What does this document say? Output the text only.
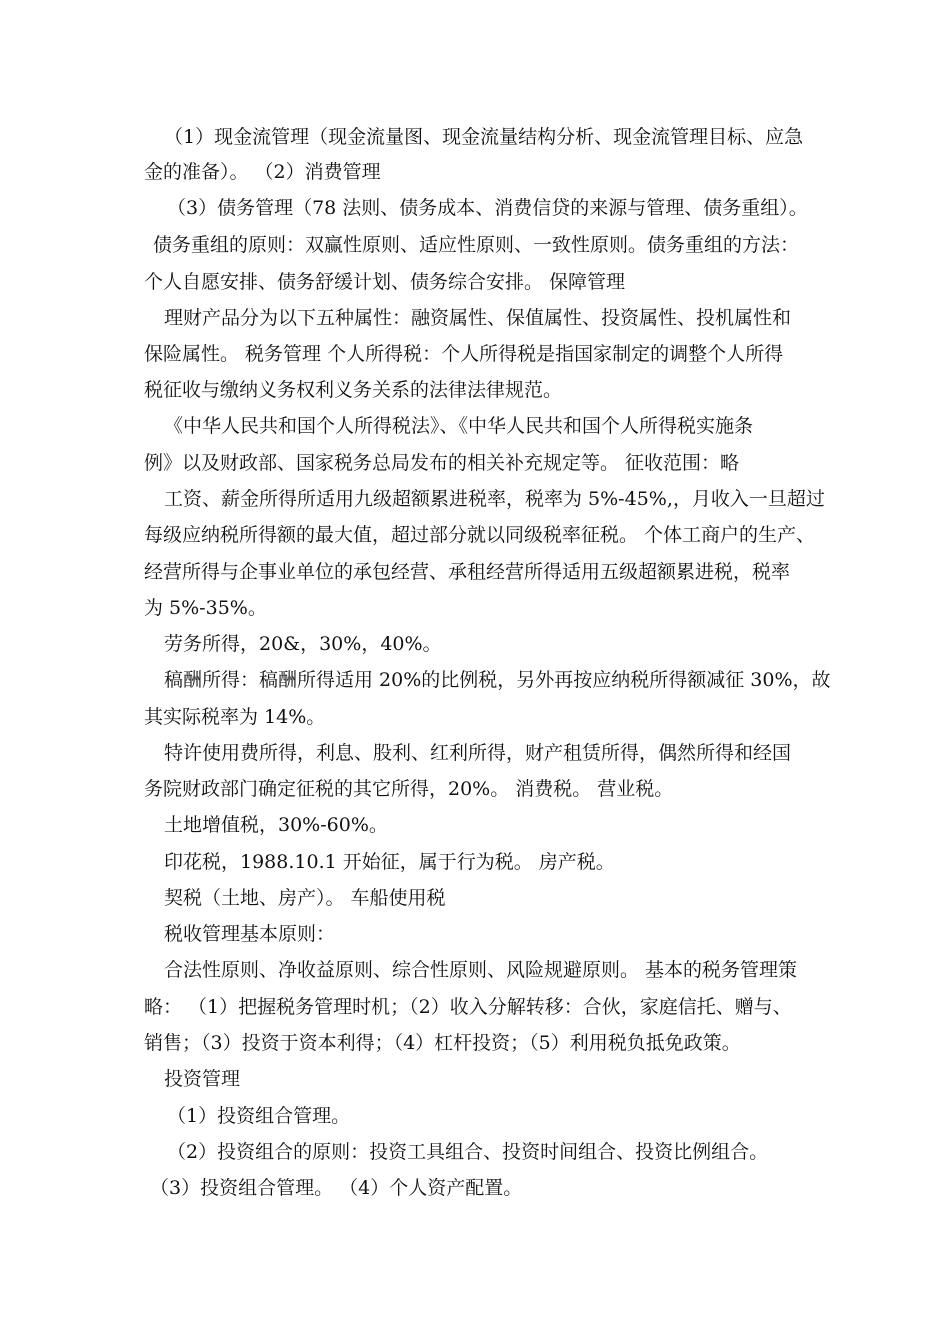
（1）现金流管理（现金流量图、现金流量结构分析、现金流管理目标、应急
金的准备）。 （2）消费管理
（3）债务管理（78 法则、债务成本、消费信贷的来源与管理、债务重组）。
债务重组的原则：双赢性原则、适应性原则、一致性原则。债务重组的方法：
个人自愿安排、债务舒缓计划、债务综合安排。 保障管理
理财产品分为以下五种属性：融资属性、保值属性、投资属性、投机属性和
保险属性。 税务管理 个人所得税：个人所得税是指国家制定的调整个人所得
税征收与缴纳义务权利义务关系的法律法律规范。
《中华人民共和国个人所得税法》、《中华人民共和国个人所得税实施条
例》以及财政部、国家税务总局发布的相关补充规定等。 征收范围：略
工资、薪金所得所适用九级超额累进税率，税率为 5%-45%,，月收入一旦超过
每级应纳税所得额的最大值，超过部分就以同级税率征税。 个体工商户的生产、
经营所得与企事业单位的承包经营、承租经营所得适用五级超额累进税，税率
为 5%-35%。
劳务所得，20&，30%，40%。
稿酬所得：稿酬所得适用 20%的比例税，另外再按应纳税所得额减征 30%，故
其实际税率为 14%。
特许使用费所得，利息、股利、红利所得，财产租赁所得，偶然所得和经国
务院财政部门确定征税的其它所得，20%。 消费税。 营业税。
土地增值税，30%-60%。
印花税，1988.10.1 开始征，属于行为税。 房产税。
契税（土地、房产）。 车船使用税
税收管理基本原则：
合法性原则、净收益原则、综合性原则、风险规避原则。 基本的税务管理策
略： （1）把握税务管理时机；（2）收入分解转移：合伙，家庭信托、赠与、
销售；（3）投资于资本利得；（4）杠杆投资；（5）利用税负抵免政策。
投资管理
（1）投资组合管理。
（2）投资组合的原则：投资工具组合、投资时间组合、投资比例组合。
（3）投资组合管理。 （4）个人资产配置。
